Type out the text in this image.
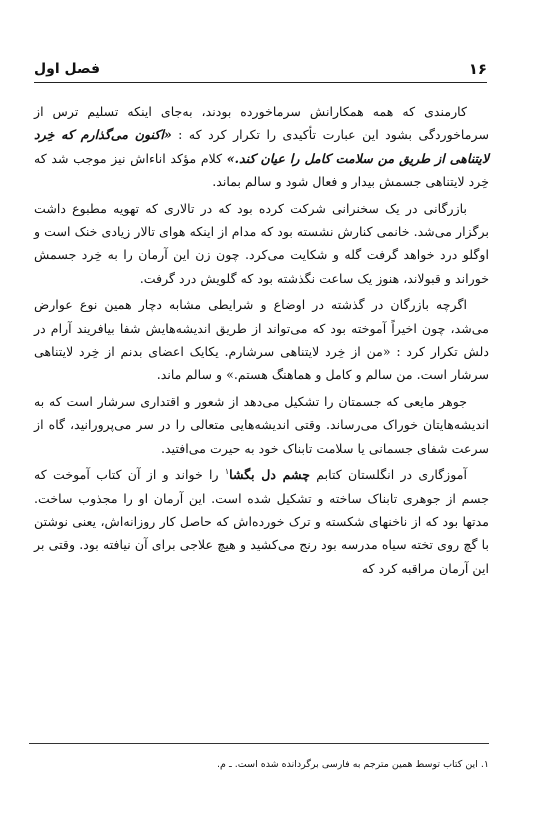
۱۶
فصل اول

کارمندی که همه همکارانش سرماخورده بودند، به‌جای اینکه تسلیم ترس از سرماخوردگی بشود این عبارت تأکیدی را تکرار کرد که : «اکنون می‌گذارم که خِرد لایتناهی از طریق من سلامت کامل را عیان کند.» کلام مؤکد اناءاش نیز موجب شد که خِرد لایتناهی جسمش بیدار و فعال شود و سالم بماند.

بازرگانی در یک سخنرانی شرکت کرده بود که در تالاری که تهویه مطبوع داشت برگزار می‌شد. خانمی کنارش نشسته بود که مدام از اینکه هوای تالار زیادی خنک است و اوگلو درد خواهد گرفت گله و شکایت می‌کرد. چون زن این آرمان را به خِرد جسمش خوراند و قبولاند، هنوز یک ساعت نگذشته بود که گلویش درد گرفت.

اگرچه بازرگان در گذشته در اوضاع و شرایطی مشابه دچار همین نوع عوارض می‌شد، چون اخیراً آموخته بود که می‌تواند از طریق اندیشه‌هایش شفا بیافریند آرام در دلش تکرار کرد : «من از خِرد لایتناهی سرشارم. یکایک اعضای بدنم از خِرد لایتناهی سرشار است. من سالم و کامل و هماهنگ هستم.» و سالم ماند.

جوهر مایعی که جسمتان را تشکیل می‌دهد از شعور و اقتداری سرشار است که به اندیشه‌هایتان خوراک می‌رساند. وقتی اندیشه‌هایی متعالی را در سر می‌پرورانید، گاه از سرعت شفای جسمانی یا سلامت تابناک خود به حیرت می‌افتید.

آموزگاری در انگلستان کتابم چشم دل بگشا$^۱$ را خواند و از آن کتاب آموخت که جسم از جوهری تابناک ساخته و تشکیل شده است. این آرمان او را مجذوب ساخت. مدتها بود که از ناخنهای شکسته و ترک خورده‌اش که حاصل کار روزانه‌اش، یعنی نوشتن با گچ روی تخته سیاه مدرسه بود رنج می‌کشید و هیچ علاجی برای آن نیافته بود. وقتی بر این آرمان مراقبه کرد که

۱. این کتاب توسط همین مترجم به فارسی برگردانده شده است. ـ م.
